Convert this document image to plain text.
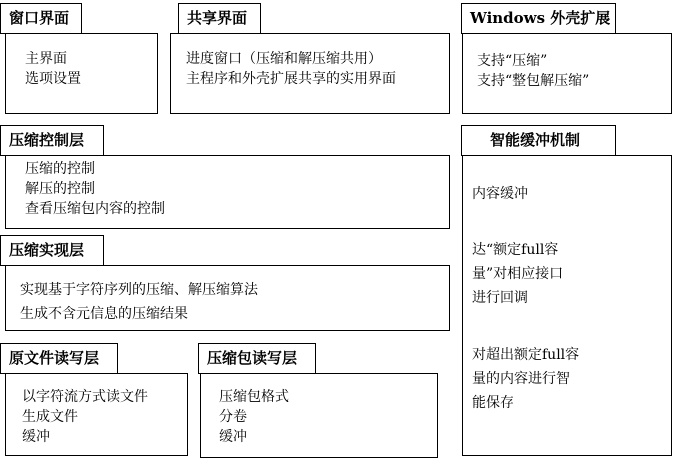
窗口界面
主界面
选项设置
共享界面
进度窗口（压缩和解压缩共用）
主程序和外壳扩展共享的实用界面
Windows 外壳扩展
支持“压缩”
支持“整包解压缩”
压缩控制层
压缩的控制
解压的控制
查看压缩包内容的控制
压缩实现层
实现基于字符序列的压缩、解压缩算法
生成不含元信息的压缩结果
原文件读写层
以字符流方式读文件
生成文件
缓冲
压缩包读写层
压缩包格式
分卷
缓冲
智能缓冲机制
内容缓冲
达“额定full容
量”对相应接口
进行回调
对超出额定full容
量的内容进行智
能保存
